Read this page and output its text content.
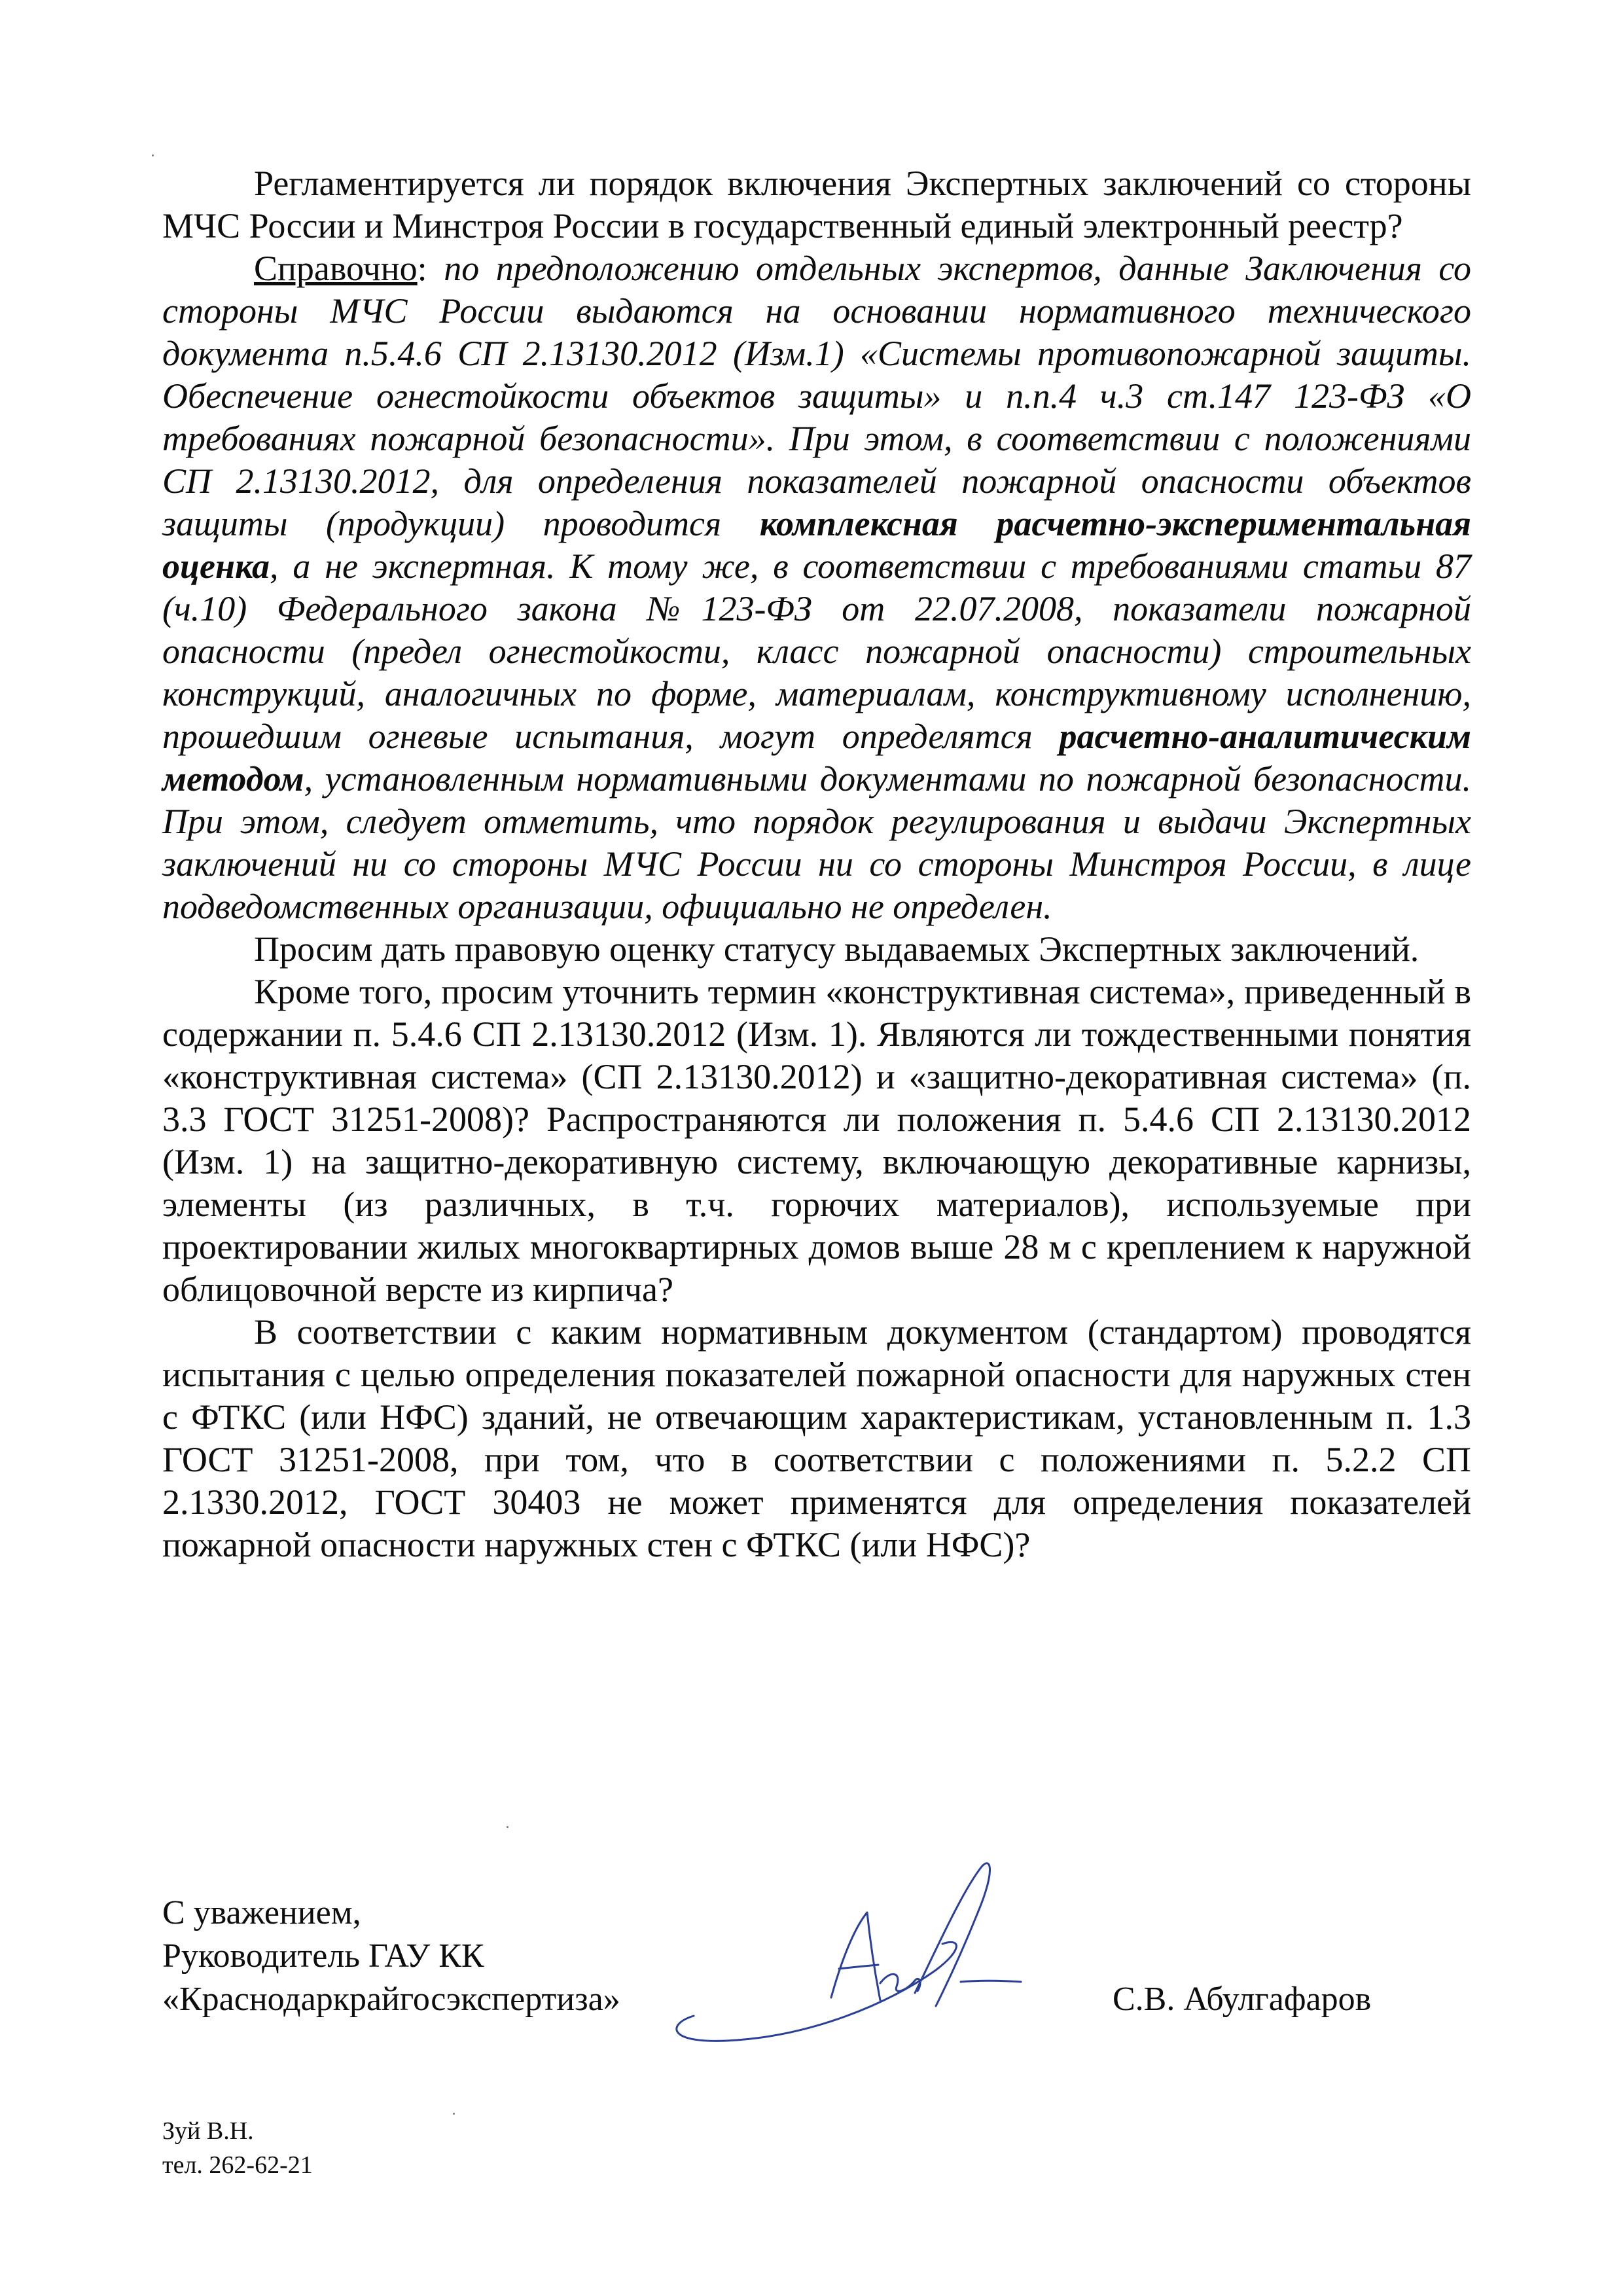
Регламентируется ли порядок включения Экспертных заключений со стороны МЧС России и Минстроя России в государственный единый электронный реестр?

Справочно: по предположению отдельных экспертов, данные Заключения со стороны МЧС России выдаются на основании нормативного технического документа п.5.4.6 СП 2.13130.2012 (Изм.1) «Системы противопожарной защиты. Обеспечение огнестойкости объектов защиты» и п.п.4 ч.3 ст.147 123-ФЗ «О требованиях пожарной безопасности». При этом, в соответствии с положениями СП 2.13130.2012, для определения показателей пожарной опасности объектов защиты (продукции) проводится комплексная расчетно-экспериментальная оценка, а не экспертная. К тому же, в соответствии с требованиями статьи 87 (ч.10) Федерального закона №123-ФЗ от 22.07.2008, показатели пожарной опасности (предел огнестойкости, класс пожарной опасности) строительных конструкций, аналогичных по форме, материалам, конструктивному исполнению, прошедшим огневые испытания, могут определятся расчетно-аналитическим методом, установленным нормативными документами по пожарной безопасности. При этом, следует отметить, что порядок регулирования и выдачи Экспертных заключений ни со стороны МЧС России ни со стороны Минстроя России, в лице подведомственных организации, официально не определен.

Просим дать правовую оценку статусу выдаваемых Экспертных заключений.

Кроме того, просим уточнить термин «конструктивная система», приведенный в содержании п. 5.4.6 СП 2.13130.2012 (Изм. 1). Являются ли тождественными понятия «конструктивная система» (СП 2.13130.2012) и «защитно-декоративная система» (п. 3.3 ГОСТ 31251-2008)? Распространяются ли положения п. 5.4.6 СП 2.13130.2012 (Изм. 1) на защитно-декоративную систему, включающую декоративные карнизы, элементы (из различных, в т.ч. горючих материалов), используемые при проектировании жилых многоквартирных домов выше 28 м с креплением к наружной облицовочной версте из кирпича?

В соответствии с каким нормативным документом (стандартом) проводятся испытания с целью определения показателей пожарной опасности для наружных стен с ФТКС (или НФС) зданий, не отвечающим характеристикам, установленным п. 1.3 ГОСТ 31251-2008, при том, что в соответствии с положениями п. 5.2.2 СП 2.1330.2012, ГОСТ 30403 не может применятся для определения показателей пожарной опасности наружных стен с ФТКС (или НФС)?

С уважением,
Руководитель ГАУ КК
«Краснодаркрайгосэкспертиза»	С.В. Абулгафаров
Зуй В.Н.
тел. 262-62-21
